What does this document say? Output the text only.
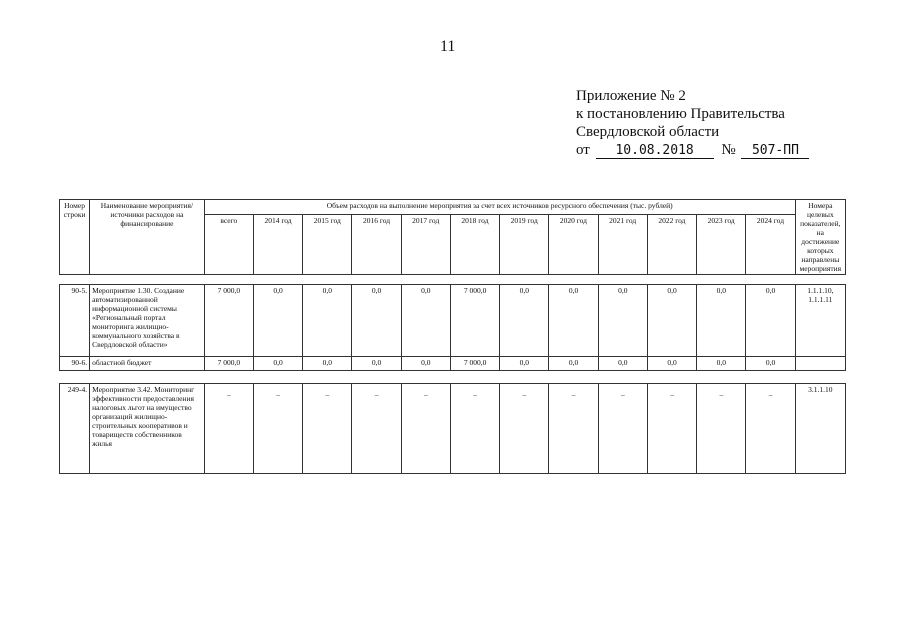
11
Приложение № 2
к постановлению Правительства
Свердловской области
от 10.08.2018 № 507-ПП
Номер строки	Наименование мероприятия/ источники расходов на финансирование	Объем расходов на выполнение мероприятия за счет всех источников ресурсного обеспечения (тыс. рублей)												Номера целевых показателей, на достижение которых направлены мероприятия
		всего	2014 год	2015 год	2016 год	2017 год	2018 год	2019 год	2020 год	2021 год	2022 год	2023 год	2024 год	
90-5.	Мероприятие 1.30. Создание автоматизированной информационной системы «Региональный портал мониторинга жилищно-коммунального хозяйства в Свердловской области»	7 000,0	0,0	0,0	0,0	0,0	7 000,0	0,0	0,0	0,0	0,0	0,0	0,0	1.1.1.10, 1.1.1.11
90-6.	областной бюджет	7 000,0	0,0	0,0	0,0	0,0	7 000,0	0,0	0,0	0,0	0,0	0,0	0,0	
249-4.	Мероприятие 3.42. Мониторинг эффективности предоставления налоговых льгот на имущество организаций жилищно-строительных кооперативов и товариществ собственников жилья	–	–	–	–	–	–	–	–	–	–	–	–	3.1.1.10
